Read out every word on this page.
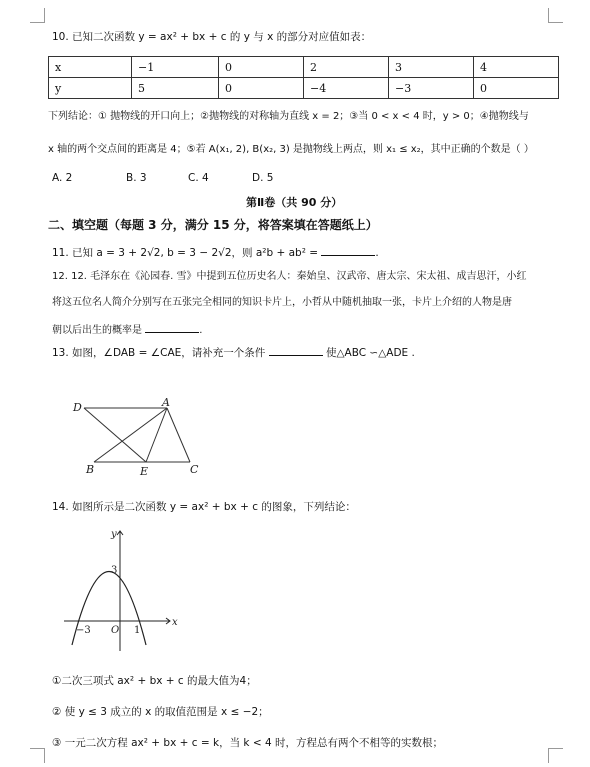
10. 已知二次函数 y = ax² + bx + c 的 y 与 x 的部分对应值如表：
x	−1	0	2	3	4
y	5	0	−4	−3	0
下列结论：① 抛物线的开口向上；②抛物线的对称轴为直线 x = 2；③当 0 < x < 4 时，y > 0；④抛物线与
x 轴的两个交点间的距离是 4；⑤若 A(x₁, 2), B(x₂, 3) 是抛物线上两点，则 x₁ ≤ x₂，其中正确的个数是（ ）
A. 2	B. 3	C. 4	D. 5
第Ⅱ卷（共 90 分）
二、填空题（每题 3 分，满分 15 分，将答案填在答题纸上）
11. 已知 a = 3 + 2√2, b = 3 − 2√2，则 a²b + ab² =	.
12. 12. 毛泽东在《沁园春. 雪》中提到五位历史名人：秦始皇、汉武帝、唐太宗、宋太祖、成吉思汗，小红
将这五位名人简介分别写在五张完全相同的知识卡片上，小哲从中随机抽取一张，卡片上介绍的人物是唐
朝以后出生的概率是	.
13. 如图，∠DAB = ∠CAE，请补充一个条件	使△ABC ∽△ADE .
D	A
B	E	C
14. 如图所示是二次函数 y = ax² + bx + c 的图象，下列结论：
y
x
3
−3 O 1
①二次三项式 ax² + bx + c 的最大值为4；
② 使 y ≤ 3 成立的 x 的取值范围是 x ≤ −2；
③ 一元二次方程 ax² + bx + c = k，当 k < 4 时，方程总有两个不相等的实数根；
